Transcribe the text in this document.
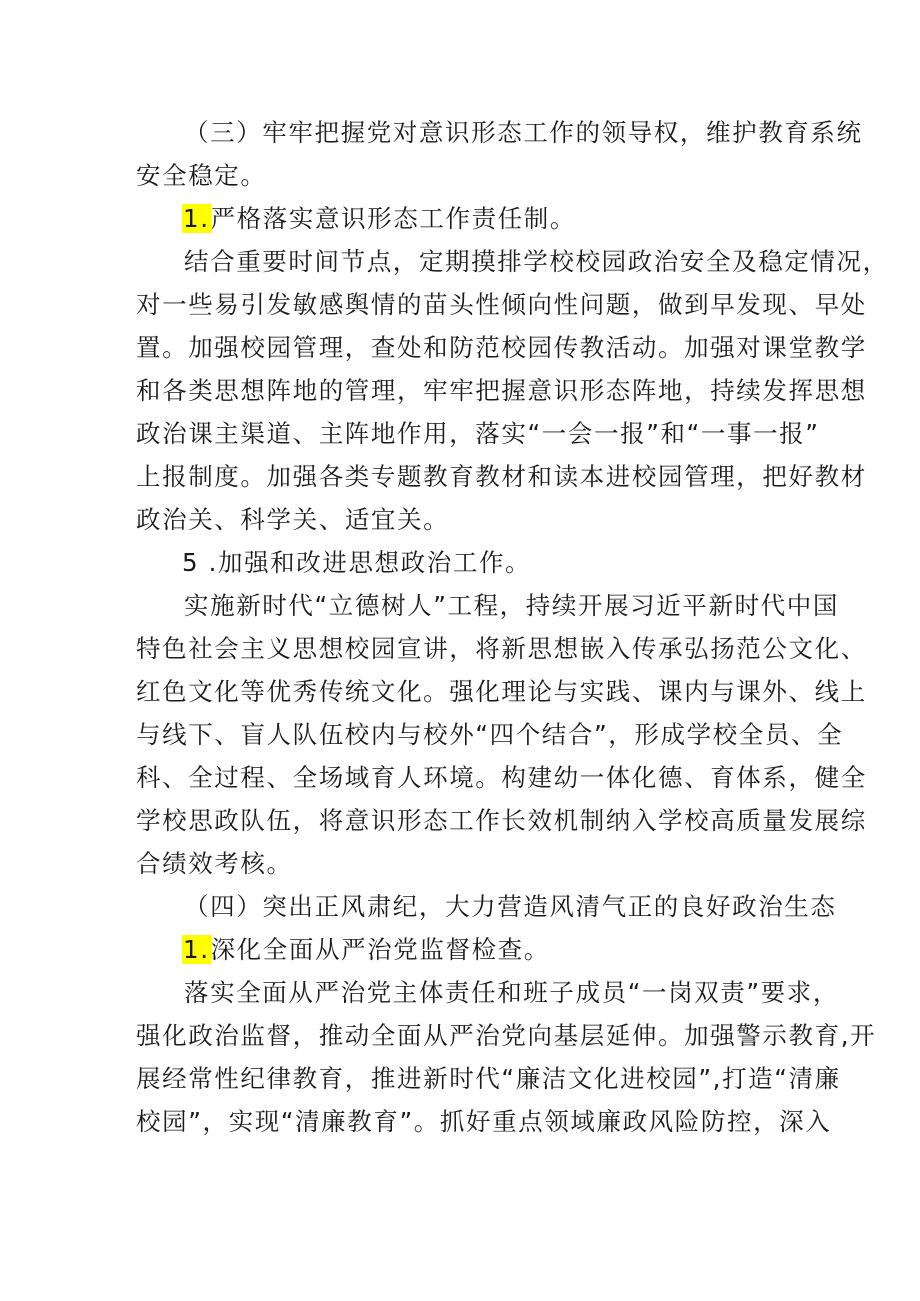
（三）牢牢把握党对意识形态工作的领导权，维护教育系统
安全稳定。
1.严格落实意识形态工作责任制。
结合重要时间节点，定期摸排学校校园政治安全及稳定情况，
对一些易引发敏感舆情的苗头性倾向性问题，做到早发现、早处
置。加强校园管理，查处和防范校园传教活动。加强对课堂教学
和各类思想阵地的管理，牢牢把握意识形态阵地，持续发挥思想
政治课主渠道、主阵地作用，落实“一会一报”和“一事一报”
上报制度。加强各类专题教育教材和读本进校园管理，把好教材
政治关、科学关、适宜关。
5 .加强和改进思想政治工作。
实施新时代“立德树人”工程，持续开展习近平新时代中国
特色社会主义思想校园宣讲，将新思想嵌入传承弘扬范公文化、
红色文化等优秀传统文化。强化理论与实践、课内与课外、线上
与线下、盲人队伍校内与校外“四个结合”，形成学校全员、全
科、全过程、全场域育人环境。构建幼一体化德、育体系，健全
学校思政队伍，将意识形态工作长效机制纳入学校高质量发展综
合绩效考核。
（四）突出正风肃纪，大力营造风清气正的良好政治生态
1.深化全面从严治党监督检查。
落实全面从严治党主体责任和班子成员“一岗双责”要求，
强化政治监督，推动全面从严治党向基层延伸。加强警示教育,开
展经常性纪律教育，推进新时代“廉洁文化进校园”,打造“清廉
校园”，实现“清廉教育”。抓好重点领域廉政风险防控，深入
